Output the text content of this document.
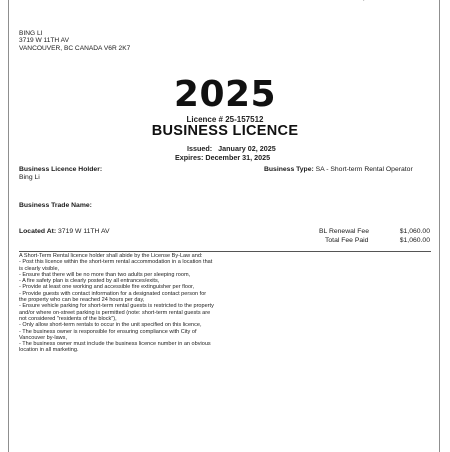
BING LI
3719 W 11TH AV
VANCOUVER, BC CANADA V6R 2K7
2025
Licence # 25-157512
BUSINESS LICENCE
Issued: January 02, 2025
Expires: December 31, 2025
Business Licence Holder:
Bing Li
Business Type: SA - Short-term Rental Operator
Business Trade Name:
Located At: 3719 W 11TH AV	BL Renewal Fee	$1,060.00
Total Fee Paid	$1,060.00
A Short-Term Rental licence holder shall abide by the License By-Law and:
- Post this licence within the short-term rental accommodation in a location that
is clearly visible,
- Ensure that there will be no more than two adults per sleeping room,
- A fire safety plan is clearly posted by all entrances/exits,
- Provide at least one working and accessible fire extinguisher per floor,
- Provide guests with contact information for a designated contact person for
the property who can be reached 24 hours per day,
- Ensure vehicle parking for short-term rental guests is restricted to the property
and/or where on-street parking is permitted (note: short-term rental guests are
not considered "residents of the block"),
- Only allow short-term rentals to occur in the unit specified on this licence,
- The business owner is responsible for ensuring compliance with City of
Vancouver by-laws,
- The business owner must include the business licence number in an obvious
location in all marketing.
